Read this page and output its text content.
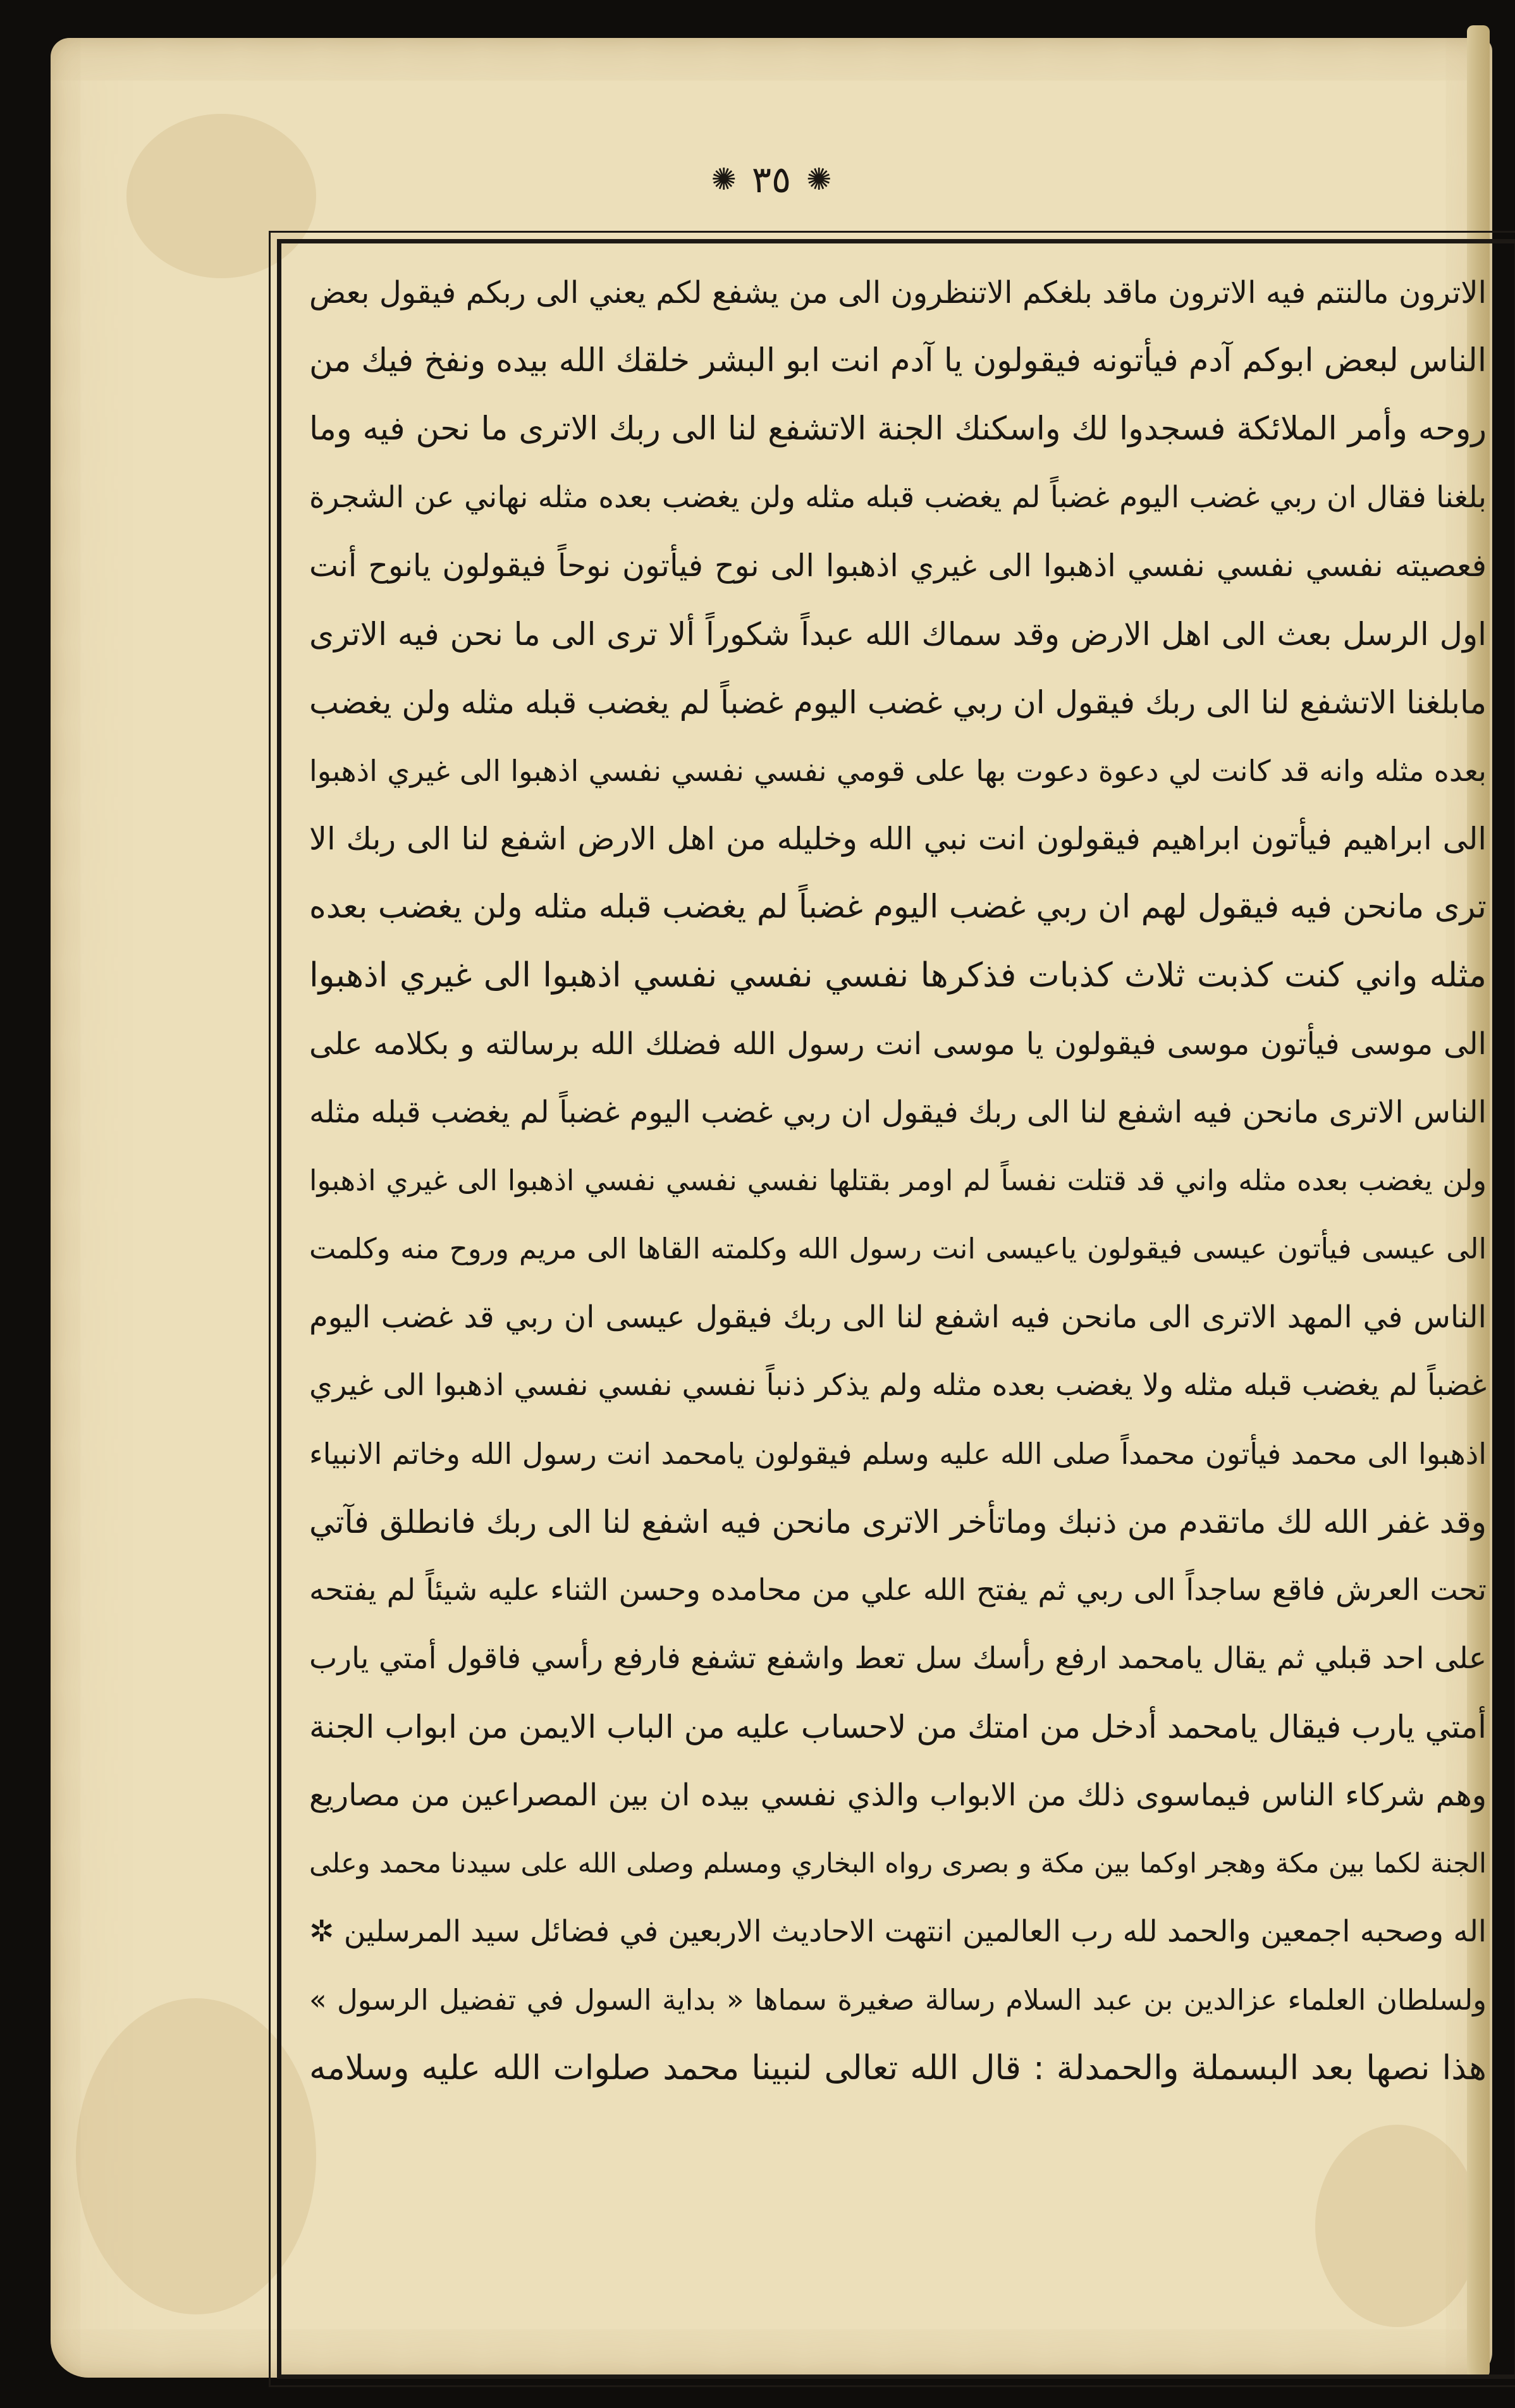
✺ ٣٥ ✺
الاترون مالنتم فيه الاترون ماقد بلغكم الاتنظرون الى من يشفع لكم يعني الى ربكم فيقول بعض
الناس لبعض ابوكم آدم فيأتونه فيقولون يا آدم انت ابو البشر خلقك الله بيده ونفخ فيك من
روحه وأمر الملائكة فسجدوا لك واسكنك الجنة الاتشفع لنا الى ربك الاترى ما نحن فيه وما
بلغنا فقال ان ربي غضب اليوم غضباً لم يغضب قبله مثله ولن يغضب بعده مثله نهاني عن الشجرة
فعصيته نفسي نفسي نفسي اذهبوا الى غيري اذهبوا الى نوح فيأتون نوحاً فيقولون يانوح أنت
اول الرسل بعث الى اهل الارض وقد سماك الله عبداً شكوراً ألا ترى الى ما نحن فيه الاترى
مابلغنا الاتشفع لنا الى ربك فيقول ان ربي غضب اليوم غضباً لم يغضب قبله مثله ولن يغضب
بعده مثله وانه قد كانت لي دعوة دعوت بها على قومي نفسي نفسي نفسي اذهبوا الى غيري اذهبوا
الى ابراهيم فيأتون ابراهيم فيقولون انت نبي الله وخليله من اهل الارض اشفع لنا الى ربك الا
ترى مانحن فيه فيقول لهم ان ربي غضب اليوم غضباً لم يغضب قبله مثله ولن يغضب بعده
مثله واني كنت كذبت ثلاث كذبات فذكرها نفسي نفسي نفسي اذهبوا الى غيري اذهبوا
الى موسى فيأتون موسى فيقولون يا موسى انت رسول الله فضلك الله برسالته و بكلامه على
الناس الاترى مانحن فيه اشفع لنا الى ربك فيقول ان ربي غضب اليوم غضباً لم يغضب قبله مثله
ولن يغضب بعده مثله واني قد قتلت نفساً لم اومر بقتلها نفسي نفسي نفسي اذهبوا الى غيري اذهبوا
الى عيسى فيأتون عيسى فيقولون ياعيسى انت رسول الله وكلمته القاها الى مريم وروح منه وكلمت
الناس في المهد الاترى الى مانحن فيه اشفع لنا الى ربك فيقول عيسى ان ربي قد غضب اليوم
غضباً لم يغضب قبله مثله ولا يغضب بعده مثله ولم يذكر ذنباً نفسي نفسي نفسي اذهبوا الى غيري
اذهبوا الى محمد فيأتون محمداً صلى الله عليه وسلم فيقولون يامحمد انت رسول الله وخاتم الانبياء
وقد غفر الله لك ماتقدم من ذنبك وماتأخر الاترى مانحن فيه اشفع لنا الى ربك فانطلق فآتي
تحت العرش فاقع ساجداً الى ربي ثم يفتح الله علي من محامده وحسن الثناء عليه شيئاً لم يفتحه
على احد قبلي ثم يقال يامحمد ارفع رأسك سل تعط واشفع تشفع فارفع رأسي فاقول أمتي يارب
أمتي يارب فيقال يامحمد أدخل من امتك من لاحساب عليه من الباب الايمن من ابواب الجنة
وهم شركاء الناس فيماسوى ذلك من الابواب والذي نفسي بيده ان بين المصراعين من مصاريع
الجنة لكما بين مكة وهجر اوكما بين مكة و بصرى رواه البخاري ومسلم وصلى الله على سيدنا محمد وعلى
اله وصحبه اجمعين والحمد لله رب العالمين انتهت الاحاديث الاربعين في فضائل سيد المرسلين ✲
ولسلطان العلماء عزالدين بن عبد السلام رسالة صغيرة سماها « بداية السول في تفضيل الرسول »
هذا نصها بعد البسملة والحمدلة : قال الله تعالى لنبينا محمد صلوات الله عليه وسلامه
